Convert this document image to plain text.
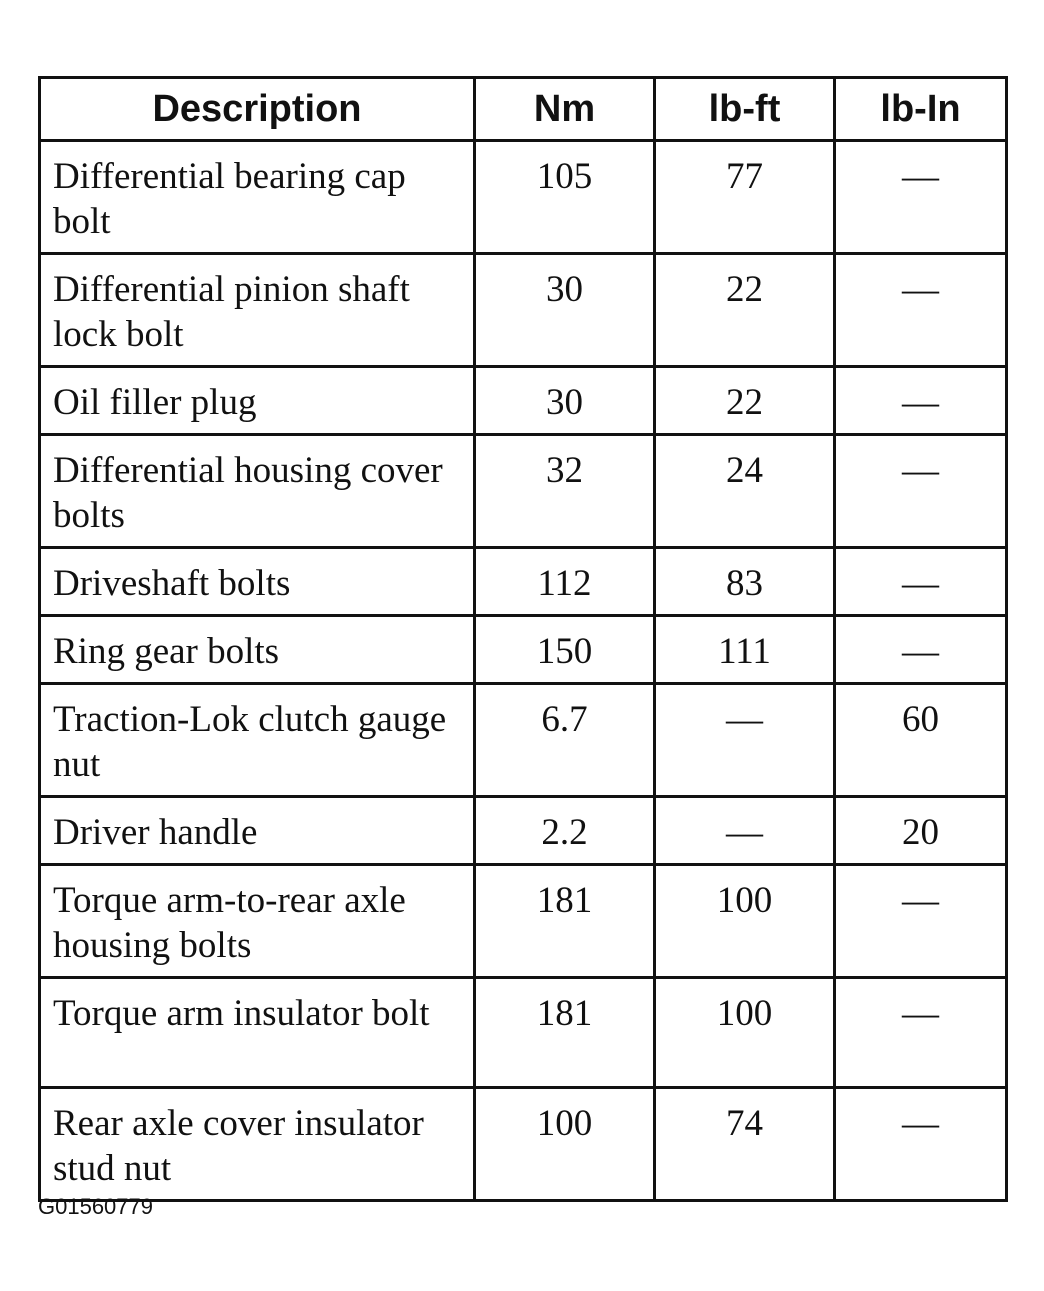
Description	Nm	lb-ft	lb-In
Differential bearing cap bolt	105	77	—
Differential pinion shaft lock bolt	30	22	—
Oil filler plug	30	22	—
Differential housing cover bolts	32	24	—
Driveshaft bolts	112	83	—
Ring gear bolts	150	111	—
Traction-Lok clutch gauge nut	6.7	—	60
Driver handle	2.2	—	20
Torque arm-to-rear axle housing bolts	181	100	—
Torque arm insulator bolt	181	100	—
Rear axle cover insulator stud nut	100	74	—
G01560779
